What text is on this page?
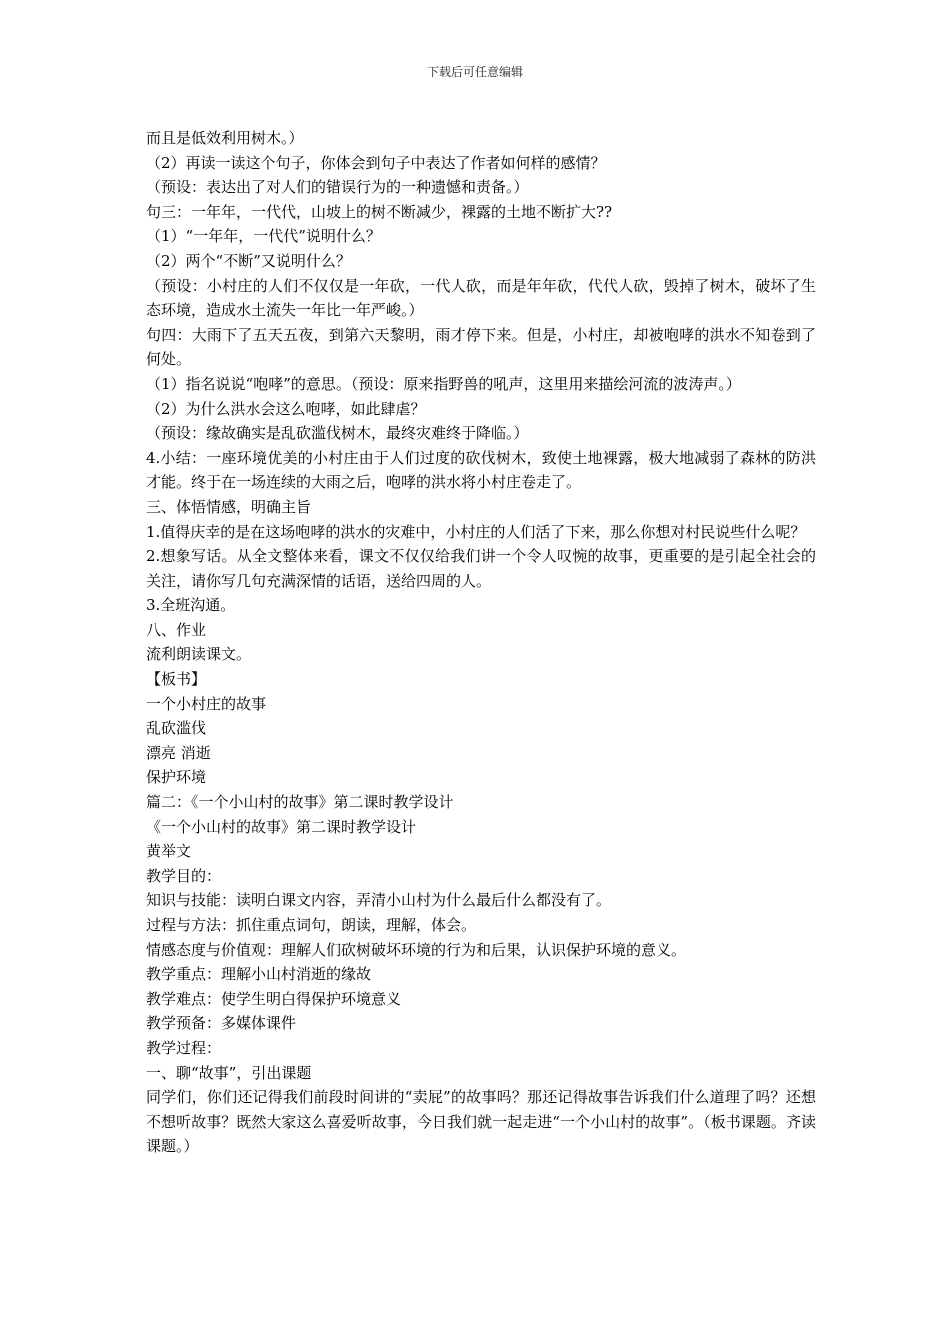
下载后可任意编辑
而且是低效利用树木。）
（2）再读一读这个句子，你体会到句子中表达了作者如何样的感情？
（预设：表达出了对人们的错误行为的一种遗憾和责备。）
句三：一年年，一代代，山坡上的树不断减少，裸露的土地不断扩大??
（1）“一年年，一代代”说明什么？
（2）两个“不断”又说明什么？
（预设：小村庄的人们不仅仅是一年砍，一代人砍，而是年年砍，代代人砍，毁掉了树木，破坏了生态环境，造成水土流失一年比一年严峻。）
句四：大雨下了五天五夜，到第六天黎明，雨才停下来。但是，小村庄，却被咆哮的洪水不知卷到了何处。
（1）指名说说“咆哮”的意思。（预设：原来指野兽的吼声，这里用来描绘河流的波涛声。）
（2）为什么洪水会这么咆哮，如此肆虐？
（预设：缘故确实是乱砍滥伐树木，最终灾难终于降临。）
4.小结：一座环境优美的小村庄由于人们过度的砍伐树木，致使土地裸露，极大地减弱了森林的防洪才能。终于在一场连续的大雨之后，咆哮的洪水将小村庄卷走了。
三、体悟情感，明确主旨
1.值得庆幸的是在这场咆哮的洪水的灾难中，小村庄的人们活了下来，那么你想对村民说些什么呢？
2.想象写话。从全文整体来看，课文不仅仅给我们讲一个令人叹惋的故事，更重要的是引起全社会的关注，请你写几句充满深情的话语，送给四周的人。
3.全班沟通。
八、作业
流利朗读课文。
【板书】
一个小村庄的故事
乱砍滥伐
漂亮 消逝
保护环境
篇二：《一个小山村的故事》第二课时教学设计
《一个小山村的故事》第二课时教学设计
黄举文
教学目的：
知识与技能：读明白课文内容，弄清小山村为什么最后什么都没有了。
过程与方法：抓住重点词句，朗读，理解，体会。
情感态度与价值观：理解人们砍树破坏环境的行为和后果，认识保护环境的意义。
教学重点：理解小山村消逝的缘故
教学难点：使学生明白得保护环境意义
教学预备：多媒体课件
教学过程：
一、聊“故事”，引出课题
同学们，你们还记得我们前段时间讲的“卖屁”的故事吗？那还记得故事告诉我们什么道理了吗？还想不想听故事？既然大家这么喜爱听故事，今日我们就一起走进“一个小山村的故事”。（板书课题。齐读课题。）
